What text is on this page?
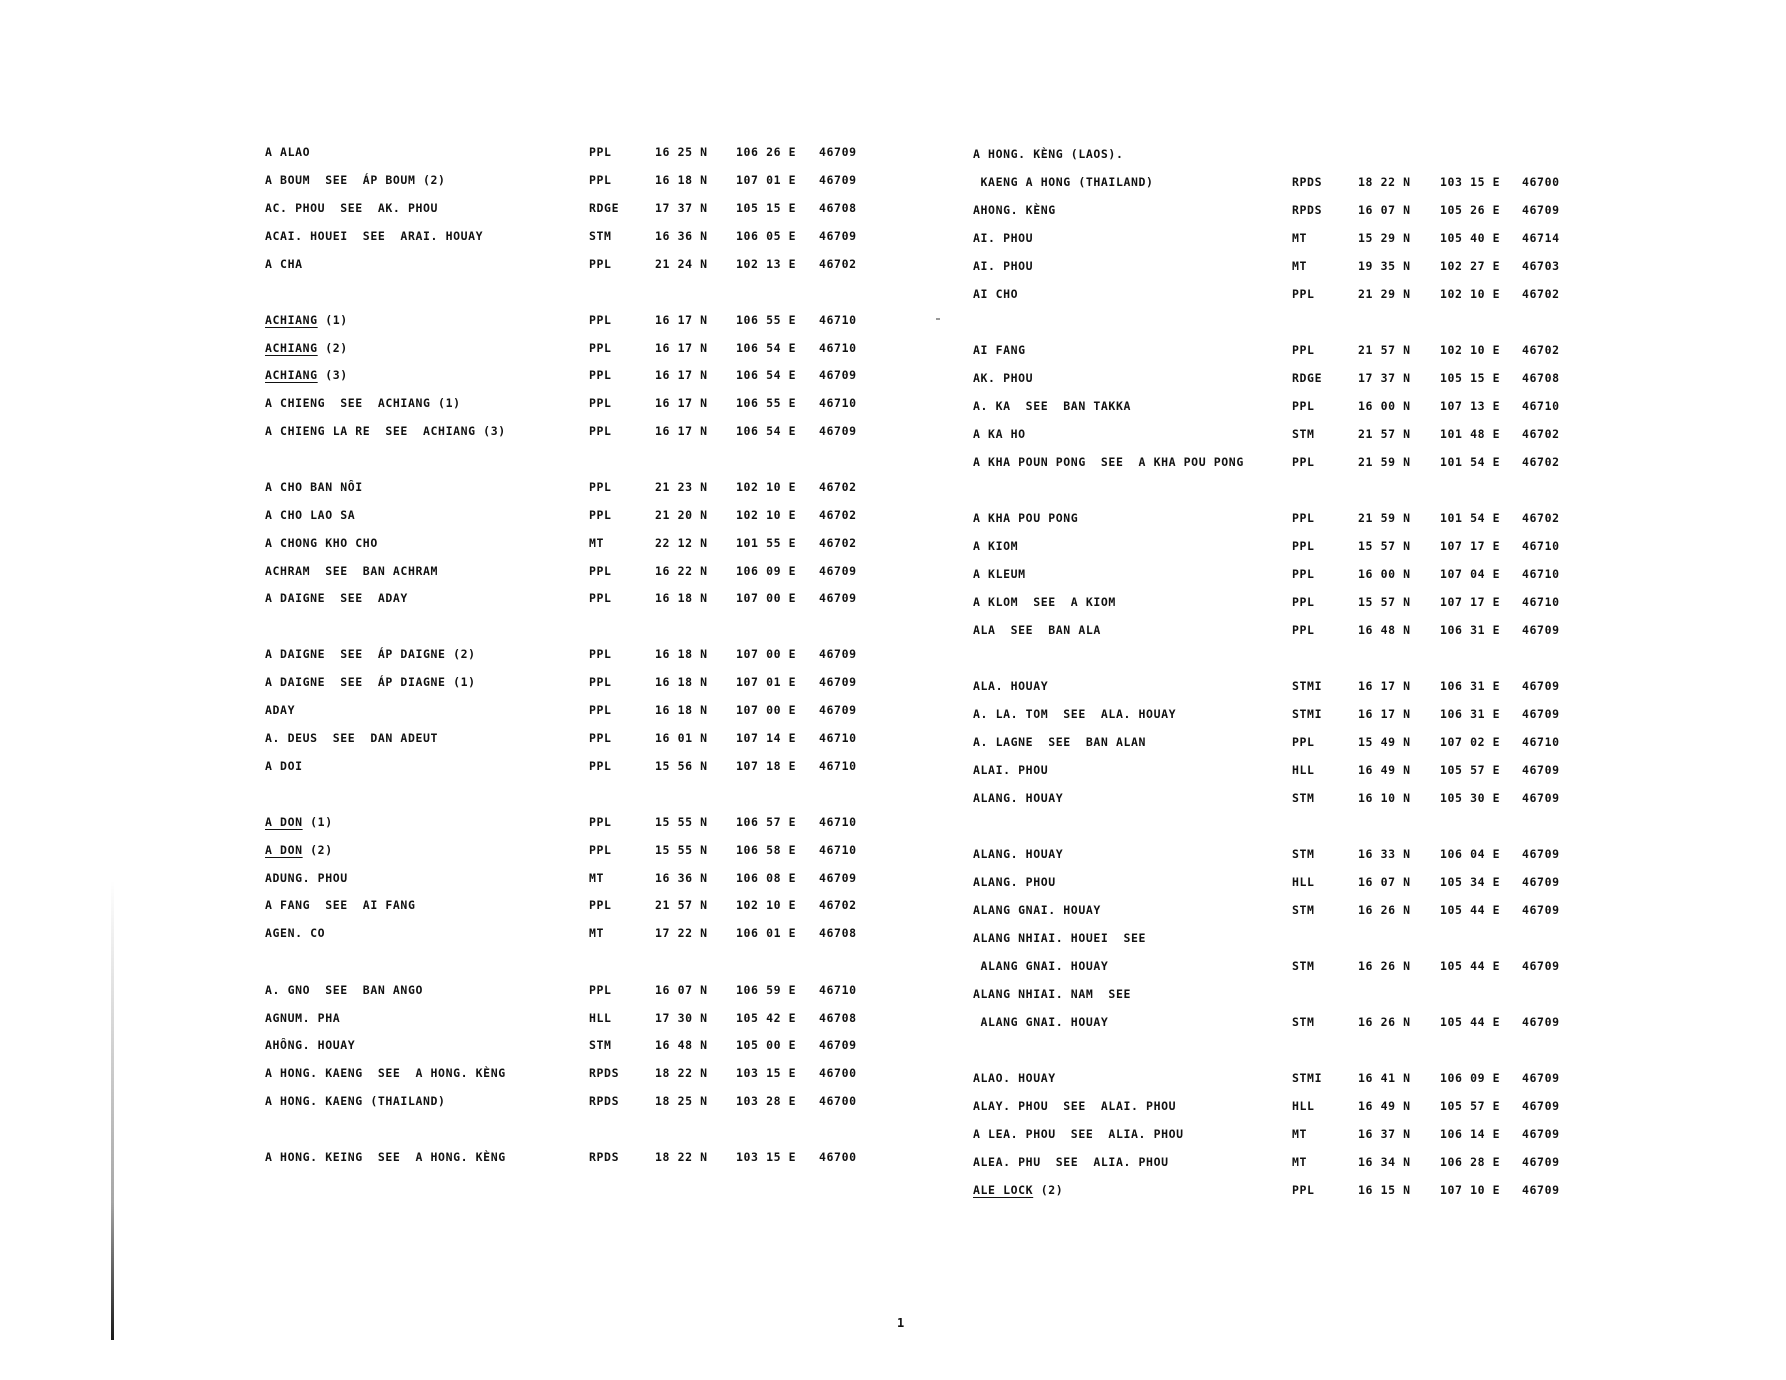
A ALAO	PPL	16 25 N 106 26 E 46709
A BOUM  SEE  ÁP BOUM (2)	PPL	16 18 N 107 01 E 46709
AC. PHOU  SEE  AK. PHOU	RDGE	17 37 N 105 15 E 46708
ACAI. HOUEI  SEE  ARAI. HOUAY	STM	16 36 N 106 05 E 46709
A CHA	PPL	21 24 N 102 13 E 46702
ACHIANG (1)	PPL	16 17 N 106 55 E 46710
ACHIANG (2)	PPL	16 17 N 106 54 E 46710
ACHIANG (3)	PPL	16 17 N 106 54 E 46709
A CHIENG  SEE  ACHIANG (1)	PPL	16 17 N 106 55 E 46710
A CHIENG LA RE  SEE  ACHIANG (3)	PPL	16 17 N 106 54 E 46709
A CHO BAN NÔI	PPL	21 23 N 102 10 E 46702
A CHO LAO SA	PPL	21 20 N 102 10 E 46702
A CHONG KHO CHO	MT	22 12 N 101 55 E 46702
ACHRAM  SEE  BAN ACHRAM	PPL	16 22 N 106 09 E 46709
A DAIGNE  SEE  ADAY	PPL	16 18 N 107 00 E 46709
A DAIGNE  SEE  ÁP DAIGNE (2)	PPL	16 18 N 107 00 E 46709
A DAIGNE  SEE  ÁP DIAGNE (1)	PPL	16 18 N 107 01 E 46709
ADAY	PPL	16 18 N 107 00 E 46709
A. DEUS  SEE  DAN ADEUT	PPL	16 01 N 107 14 E 46710
A DOI	PPL	15 56 N 107 18 E 46710
A DON (1)	PPL	15 55 N 106 57 E 46710
A DON (2)	PPL	15 55 N 106 58 E 46710
ADUNG. PHOU	MT	16 36 N 106 08 E 46709
A FANG  SEE  AI FANG	PPL	21 57 N 102 10 E 46702
AGEN. CO	MT	17 22 N 106 01 E 46708
A. GNO  SEE  BAN ANGO	PPL	16 07 N 106 59 E 46710
AGNUM. PHA	HLL	17 30 N 105 42 E 46708
AHÔNG. HOUAY	STM	16 48 N 105 00 E 46709
A HONG. KAENG  SEE  A HONG. KÈNG	RPDS	18 22 N 103 15 E 46700
A HONG. KAENG (THAILAND)	RPDS	18 25 N 103 28 E 46700
A HONG. KEING  SEE  A HONG. KÈNG	RPDS	18 22 N 103 15 E 46700
A HONG. KÈNG (LAOS).
KAENG A HONG (THAILAND)	RPDS	18 22 N	103 15 E 46700
AHONG. KÈNG	RPDS	16 07 N	105 26 E 46709
AI. PHOU	MT	15 29 N	105 40 E 46714
AI. PHOU	MT	19 35 N	102 27 E 46703
AI CHO	PPL	21 29 N	102 10 E 46702
AI FANG	PPL	21 57 N	102 10 E 46702
AK. PHOU	RDGE	17 37 N	105 15 E 46708
A. KA  SEE  BAN TAKKA	PPL	16 00 N	107 13 E 46710
A KA HO	STM	21 57 N	101 48 E 46702
A KHA POUN PONG  SEE  A KHA POU PONG	PPL	21 59 N	101 54 E 46702
A KHA POU PONG	PPL	21 59 N	101 54 E 46702
A KIOM	PPL	15 57 N	107 17 E 46710
A KLEUM	PPL	16 00 N	107 04 E 46710
A KLOM  SEE  A KIOM	PPL	15 57 N	107 17 E 46710
ALA  SEE  BAN ALA	PPL	16 48 N	106 31 E 46709
ALA. HOUAY	STMI	16 17 N	106 31 E 46709
A. LA. TOM  SEE  ALA. HOUAY	STMI	16 17 N	106 31 E 46709
A. LAGNE  SEE  BAN ALAN	PPL	15 49 N	107 02 E 46710
ALAI. PHOU	HLL	16 49 N	105 57 E 46709
ALANG. HOUAY	STM	16 10 N	105 30 E 46709
ALANG. HOUAY	STM	16 33 N	106 04 E 46709
ALANG. PHOU	HLL	16 07 N	105 34 E 46709
ALANG GNAI. HOUAY	STM	16 26 N	105 44 E 46709
ALANG NHIAI. HOUEI  SEE
ALANG GNAI. HOUAY	STM	16 26 N	105 44 E 46709
ALANG NHIAI. NAM  SEE
ALANG GNAI. HOUAY	STM	16 26 N	105 44 E 46709
ALAO. HOUAY	STMI	16 41 N	106 09 E 46709
ALAY. PHOU  SEE  ALAI. PHOU	HLL	16 49 N	105 57 E 46709
A LEA. PHOU  SEE  ALIA. PHOU	MT	16 37 N	106 14 E 46709
ALEA. PHU  SEE  ALIA. PHOU	MT	16 34 N	106 28 E 46709
ALE LOCK (2)	PPL	16 15 N	107 10 E 46709
1
